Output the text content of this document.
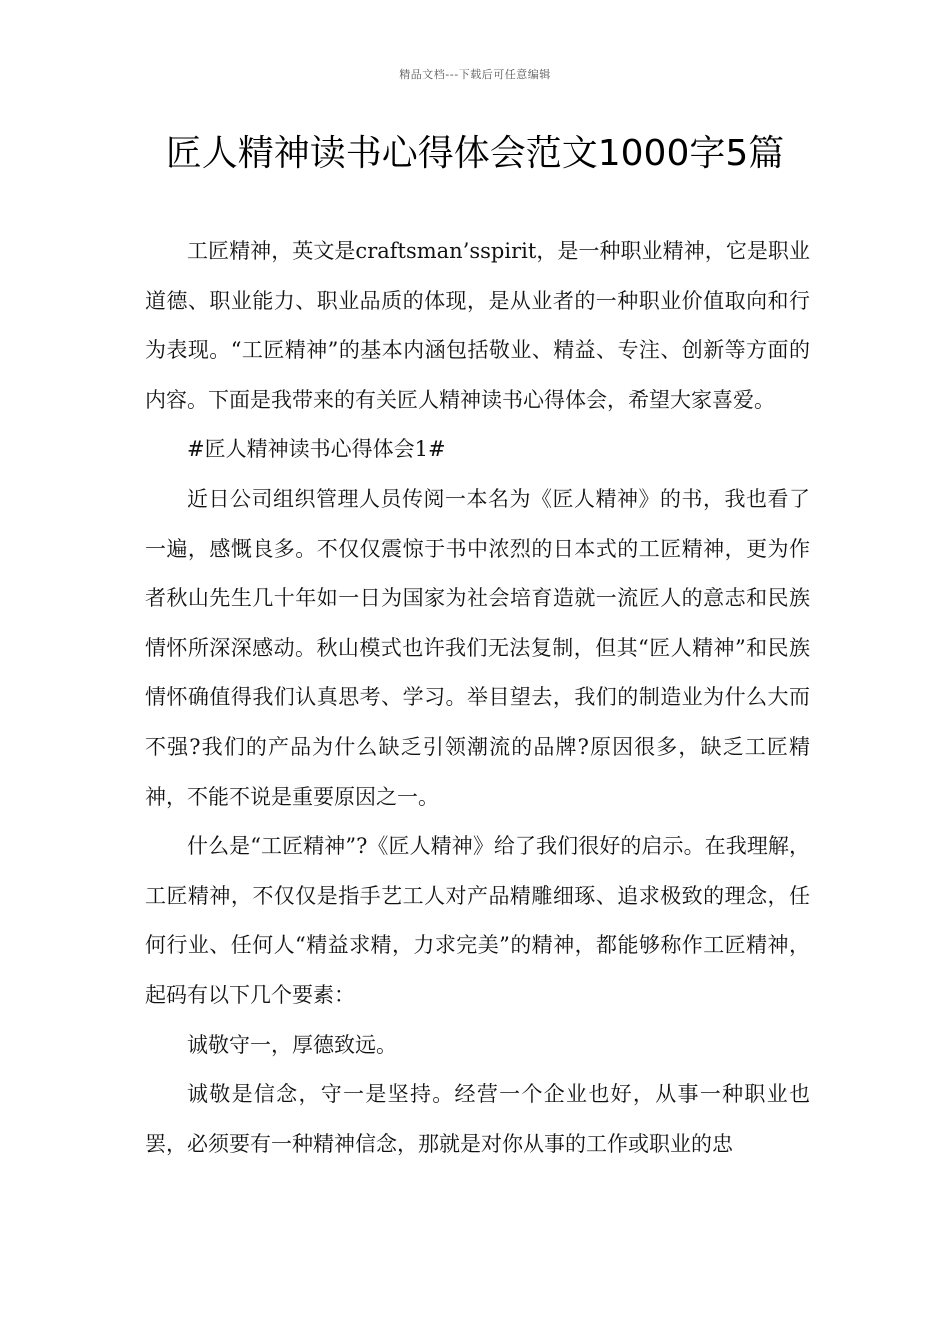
精品文档---下载后可任意编辑
匠人精神读书心得体会范文1000字5篇

工匠精神，英文是craftsman’sspirit，是一种职业精神，它是职业道德、职业能力、职业品质的体现，是从业者的一种职业价值取向和行为表现。“工匠精神”的基本内涵包括敬业、精益、专注、创新等方面的内容。下面是我带来的有关匠人精神读书心得体会，希望大家喜爱。

#匠人精神读书心得体会1#

近日公司组织管理人员传阅一本名为《匠人精神》的书，我也看了一遍，感慨良多。不仅仅震惊于书中浓烈的日本式的工匠精神，更为作者秋山先生几十年如一日为国家为社会培育造就一流匠人的意志和民族情怀所深深感动。秋山模式也许我们无法复制，但其“匠人精神”和民族情怀确值得我们认真思考、学习。举目望去，我们的制造业为什么大而不强?我们的产品为什么缺乏引领潮流的品牌?原因很多，缺乏工匠精神，不能不说是重要原因之一。

什么是“工匠精神”?《匠人精神》给了我们很好的启示。在我理解，工匠精神，不仅仅是指手艺工人对产品精雕细琢、追求极致的理念，任何行业、任何人“精益求精，力求完美”的精神，都能够称作工匠精神，起码有以下几个要素：

诚敬守一，厚德致远。

诚敬是信念，守一是坚持。经营一个企业也好，从事一种职业也罢，必须要有一种精神信念，那就是对你从事的工作或职业的忠
